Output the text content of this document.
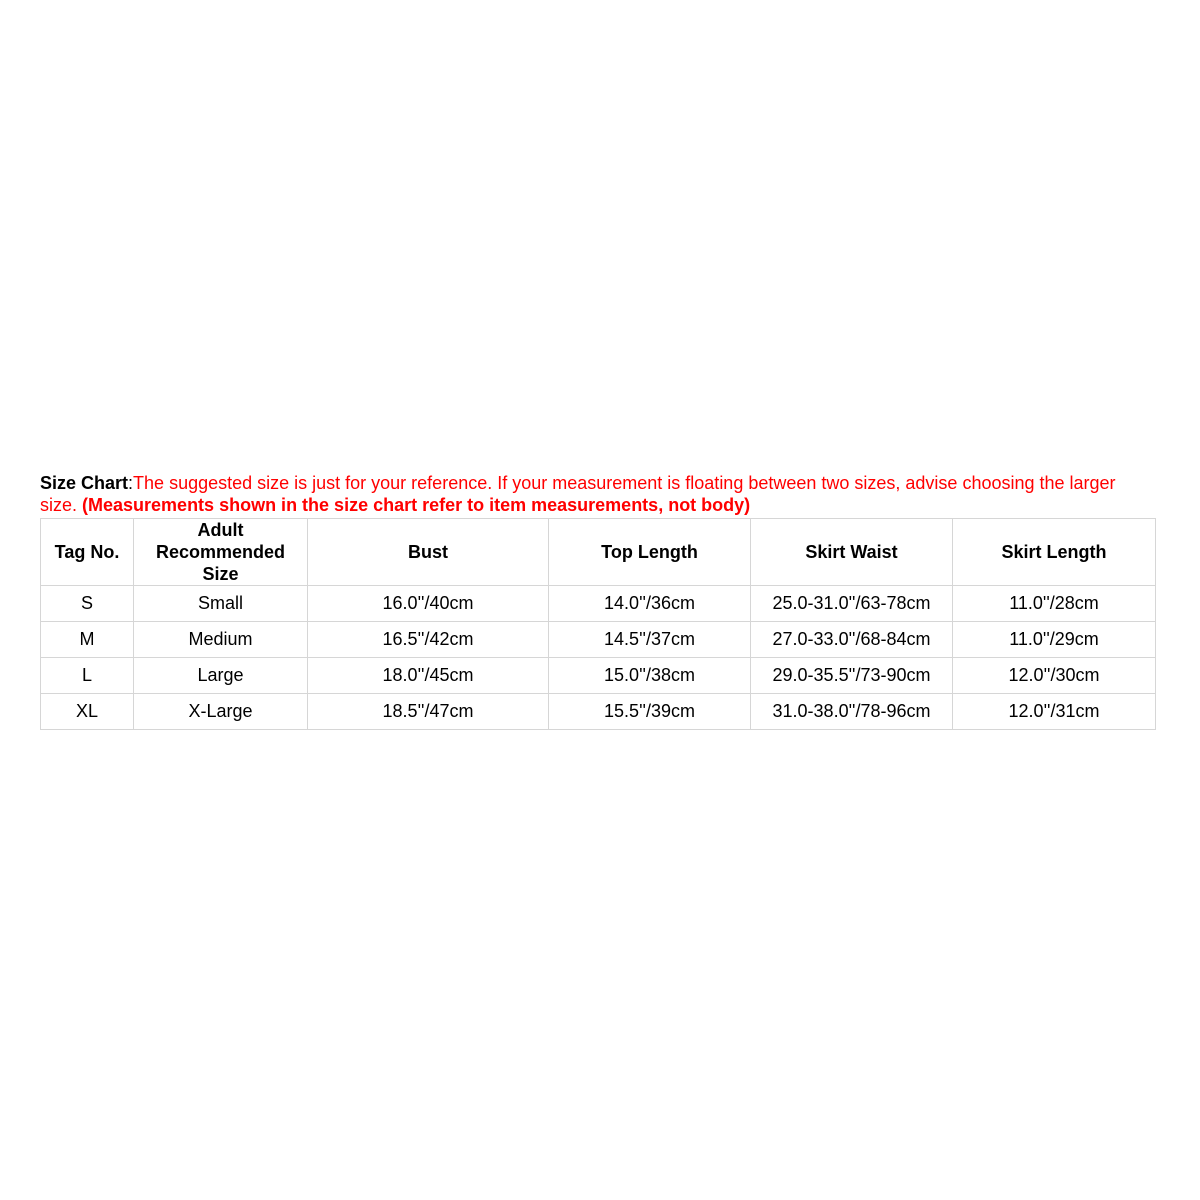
Size Chart:The suggested size is just for your reference. If your measurement is floating between two sizes, advise choosing the larger size. (Measurements shown in the size chart refer to item measurements, not body)

Tag No.	Adult Recommended Size	Bust	Top Length	Skirt Waist	Skirt Length
S	Small	16.0''/40cm	14.0''/36cm	25.0-31.0''/63-78cm	11.0''/28cm
M	Medium	16.5''/42cm	14.5''/37cm	27.0-33.0''/68-84cm	11.0''/29cm
L	Large	18.0''/45cm	15.0''/38cm	29.0-35.5''/73-90cm	12.0''/30cm
XL	X-Large	18.5''/47cm	15.5''/39cm	31.0-38.0''/78-96cm	12.0''/31cm
